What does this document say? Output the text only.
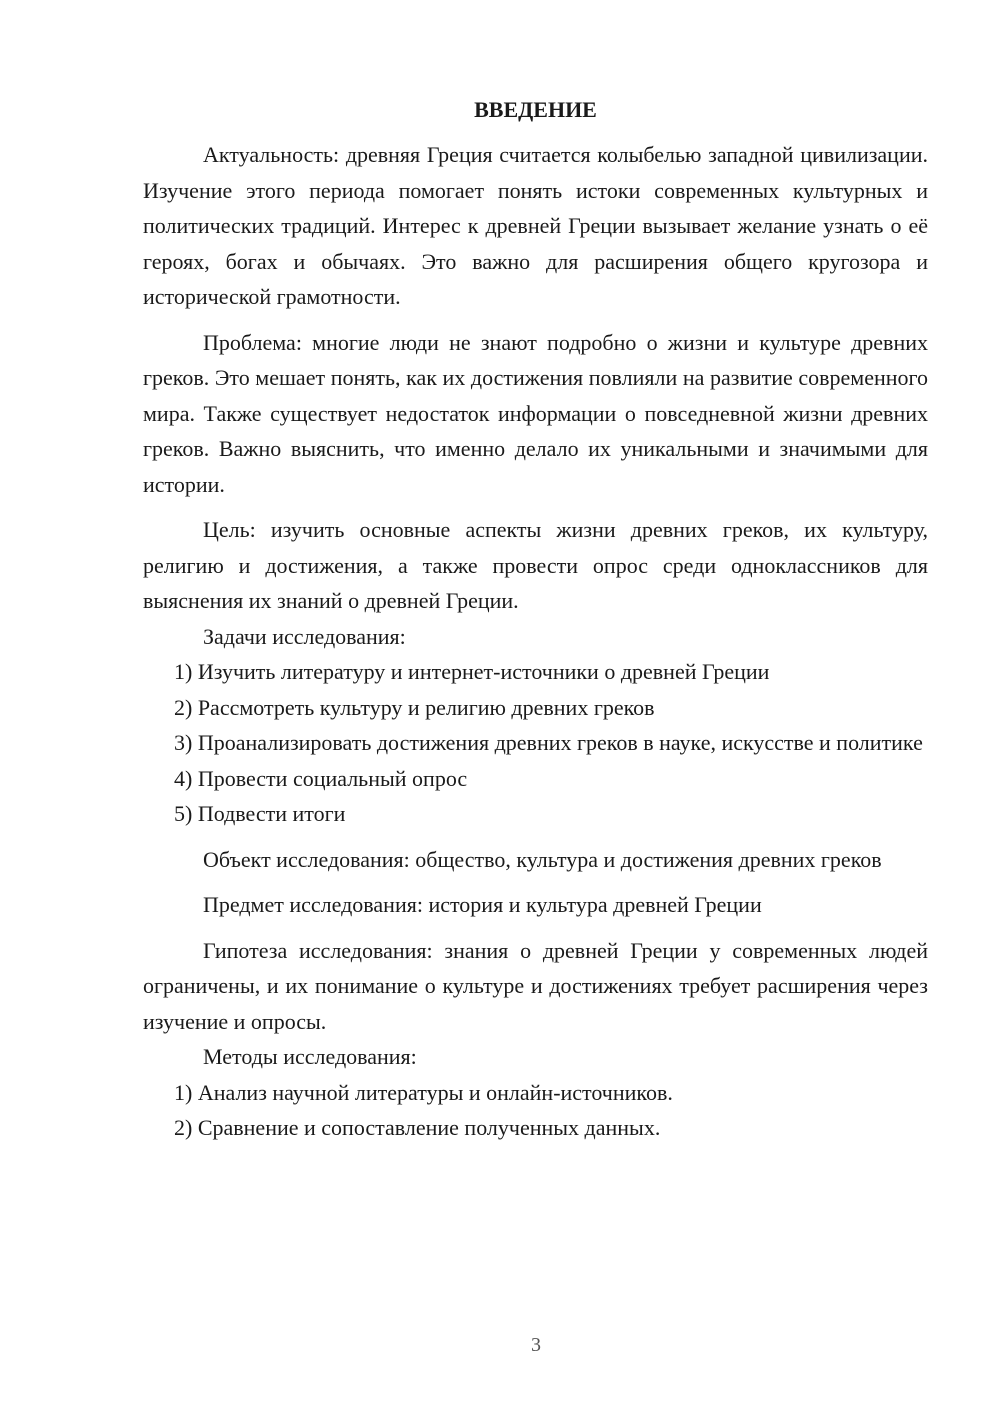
ВВЕДЕНИЕ

Актуальность: древняя Греция считается колыбелью западной цивилизации. Изучение этого периода помогает понять истоки современных культурных и политических традиций. Интерес к древней Греции вызывает желание узнать о её героях, богах и обычаях. Это важно для расширения общего кругозора и исторической грамотности.

Проблема: многие люди не знают подробно о жизни и культуре древних греков. Это мешает понять, как их достижения повлияли на развитие современного мира. Также существует недостаток информации о повседневной жизни древних греков. Важно выяснить, что именно делало их уникальными и значимыми для истории.

Цель: изучить основные аспекты жизни древних греков, их культуру, религию и достижения, а также провести опрос среди одноклассников для выяснения их знаний о древней Греции.

Задачи исследования:

1) Изучить литературу и интернет-источники о древней Греции

2) Рассмотреть культуру и религию древних греков

3) Проанализировать достижения древних греков в науке, искусстве и политике

4) Провести социальный опрос

5) Подвести итоги

Объект исследования: общество, культура и достижения древних греков

Предмет исследования: история и культура древней Греции

Гипотеза исследования: знания о древней Греции у современных людей ограничены, и их понимание о культуре и достижениях требует расширения через изучение и опросы.

Методы исследования:

1) Анализ научной литературы и онлайн-источников.

2) Сравнение и сопоставление полученных данных.

3
